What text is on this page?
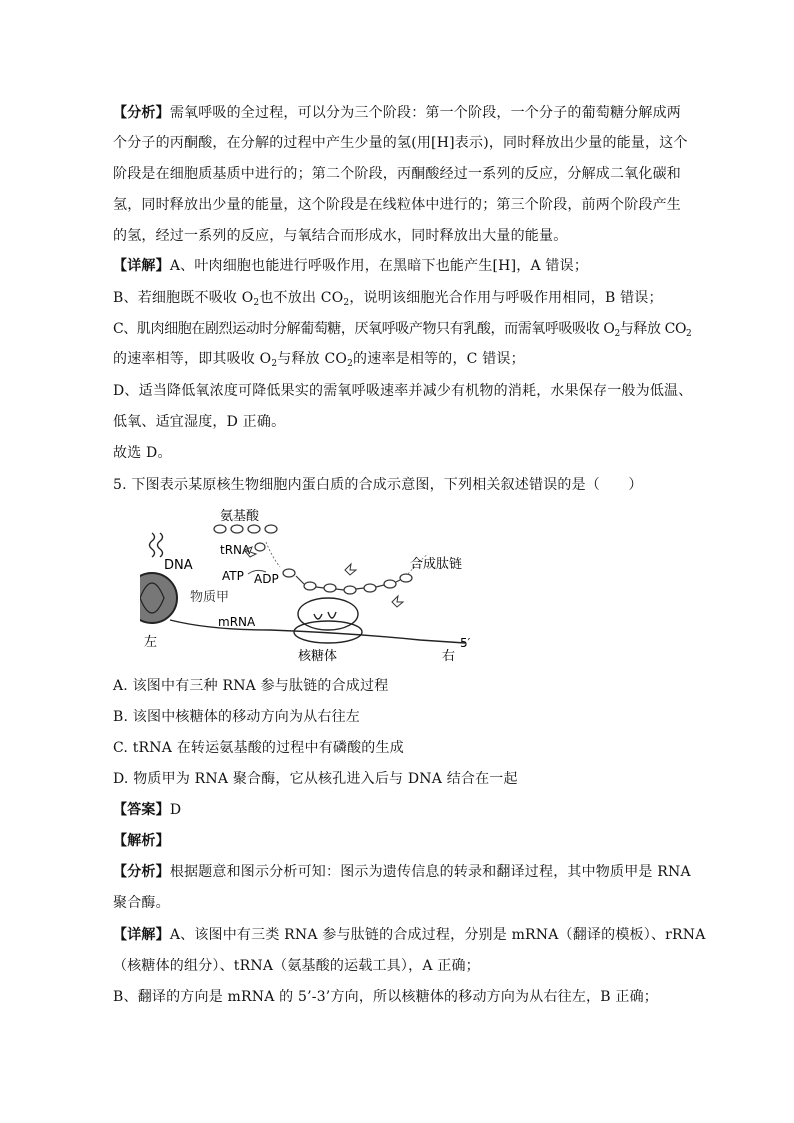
【分析】需氧呼吸的全过程，可以分为三个阶段：第一个阶段，一个分子的葡萄糖分解成两
个分子的丙酮酸，在分解的过程中产生少量的氢(用[H]表示)，同时释放出少量的能量，这个
阶段是在细胞质基质中进行的；第二个阶段，丙酮酸经过一系列的反应，分解成二氧化碳和
氢，同时释放出少量的能量，这个阶段是在线粒体中进行的；第三个阶段，前两个阶段产生
的氢，经过一系列的反应，与氧结合而形成水，同时释放出大量的能量。
【详解】A、叶肉细胞也能进行呼吸作用，在黑暗下也能产生[H]，A 错误；
B、若细胞既不吸收 $O_2$也不放出 $CO_2$，说明该细胞光合作用与呼吸作用相同，B 错误；
C、肌肉细胞在剧烈运动时分解葡萄糖，厌氧呼吸产物只有乳酸，而需氧呼吸吸收 $O_2$与释放 $CO_2$
的速率相等，即其吸收 $O_2$与释放 $CO_2$的速率是相等的，C 错误；
D、适当降低氧浓度可降低果实的需氧呼吸速率并减少有机物的消耗，水果保存一般为低温、
低氧、适宜湿度，D 正确。
故选 D。
5. 下图表示某原核生物细胞内蛋白质的合成示意图，下列相关叙述错误的是（　　）
氨基酸
tRNA
DNA
物质甲
ATP ADP
mRNA
左	5′
右
核糖体
合成肽链
A. 该图中有三种 RNA 参与肽链的合成过程
B. 该图中核糖体的移动方向为从右往左
C. tRNA 在转运氨基酸的过程中有磷酸的生成
D. 物质甲为 RNA 聚合酶，它从核孔进入后与 DNA 结合在一起
【答案】D
【解析】
【分析】根据题意和图示分析可知：图示为遗传信息的转录和翻译过程，其中物质甲是 RNA
聚合酶。
【详解】A、该图中有三类 RNA 参与肽链的合成过程，分别是 mRNA（翻译的模板）、rRNA
（核糖体的组分）、tRNA（氨基酸的运载工具），A 正确；
B、翻译的方向是 mRNA 的 5’-3’方向，所以核糖体的移动方向为从右往左，B 正确；
